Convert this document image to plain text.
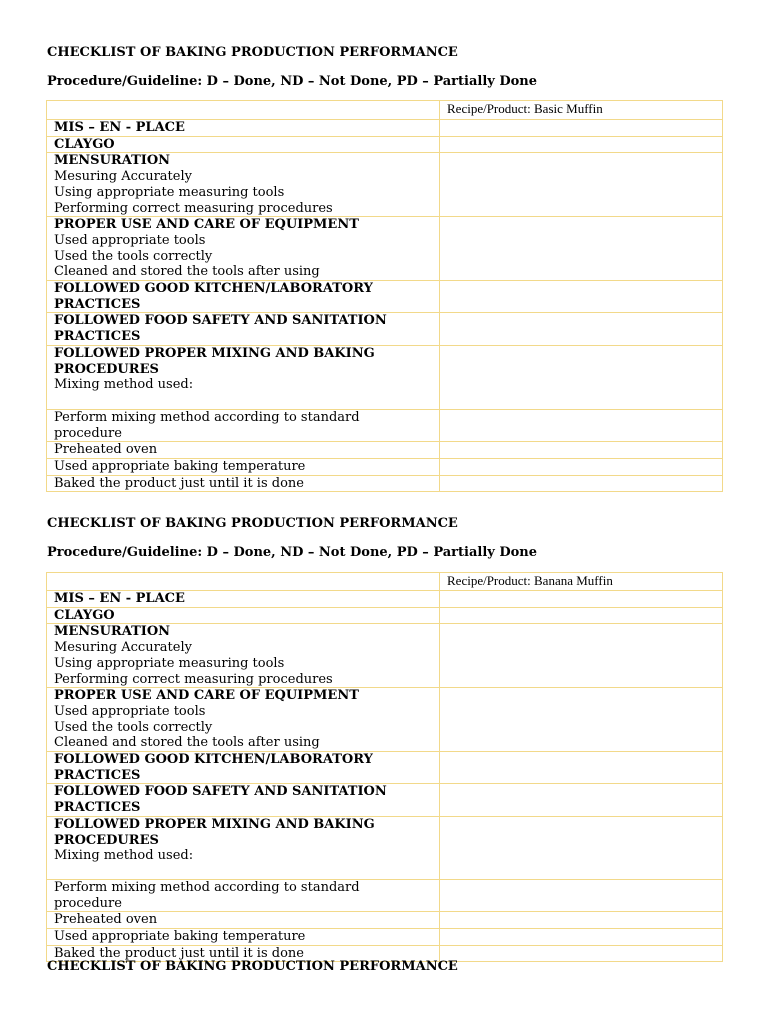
CHECKLIST OF BAKING PRODUCTION PERFORMANCE

Procedure/Guideline: D – Done, ND – Not Done, PD – Partially Done

	Recipe/Product: Basic Muffin

MIS – EN - PLACE	

CLAYGO	

MENSURATION
Mesuring Accurately
Using appropriate measuring tools
Performing correct measuring procedures	

PROPER USE AND CARE OF EQUIPMENT
Used appropriate tools
Used the tools correctly
Cleaned and stored the tools after using	

FOLLOWED GOOD KITCHEN/LABORATORY
PRACTICES	

FOLLOWED FOOD SAFETY AND SANITATION
PRACTICES	

FOLLOWED PROPER MIXING AND BAKING
PROCEDURES
Mixing method used:	

Perform mixing method according to standard
procedure	

Preheated oven	

Used appropriate baking temperature	

Baked the product just until it is done	

CHECKLIST OF BAKING PRODUCTION PERFORMANCE

Procedure/Guideline: D – Done, ND – Not Done, PD – Partially Done

	Recipe/Product: Banana Muffin

MIS – EN - PLACE	

CLAYGO	

MENSURATION
Mesuring Accurately
Using appropriate measuring tools
Performing correct measuring procedures	

PROPER USE AND CARE OF EQUIPMENT
Used appropriate tools
Used the tools correctly
Cleaned and stored the tools after using	

FOLLOWED GOOD KITCHEN/LABORATORY
PRACTICES	

FOLLOWED FOOD SAFETY AND SANITATION
PRACTICES	

FOLLOWED PROPER MIXING AND BAKING
PROCEDURES
Mixing method used:	

Perform mixing method according to standard
procedure	

Preheated oven	

Used appropriate baking temperature	

Baked the product just until it is done	

CHECKLIST OF BAKING PRODUCTION PERFORMANCE
